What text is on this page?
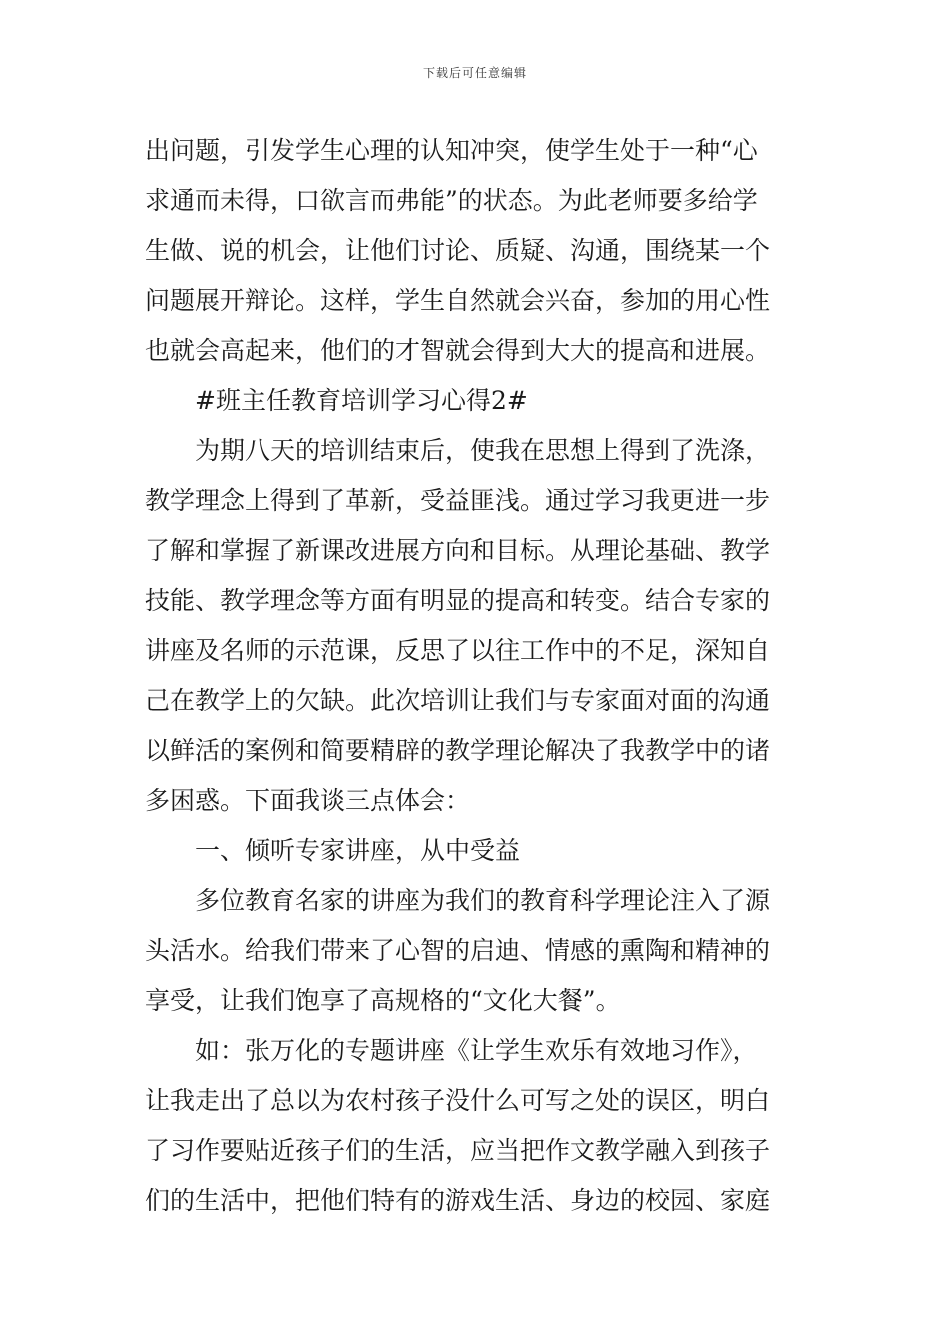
下载后可任意编辑
出问题，引发学生心理的认知冲突，使学生处于一种“心
求通而未得，口欲言而弗能”的状态。为此老师要多给学
生做、说的机会，让他们讨论、质疑、沟通，围绕某一个
问题展开辩论。这样，学生自然就会兴奋，参加的用心性
也就会高起来，他们的才智就会得到大大的提高和进展。
#班主任教育培训学习心得2#
为期八天的培训结束后，使我在思想上得到了洗涤，
教学理念上得到了革新，受益匪浅。通过学习我更进一步
了解和掌握了新课改进展方向和目标。从理论基础、教学
技能、教学理念等方面有明显的提高和转变。结合专家的
讲座及名师的示范课，反思了以往工作中的不足，深知自
己在教学上的欠缺。此次培训让我们与专家面对面的沟通
以鲜活的案例和简要精辟的教学理论解决了我教学中的诸
多困惑。下面我谈三点体会：
一、倾听专家讲座，从中受益
多位教育名家的讲座为我们的教育科学理论注入了源
头活水。给我们带来了心智的启迪、情感的熏陶和精神的
享受，让我们饱享了高规格的“文化大餐”。
如：张万化的专题讲座《让学生欢乐有效地习作》，
让我走出了总以为农村孩子没什么可写之处的误区，明白
了习作要贴近孩子们的生活，应当把作文教学融入到孩子
们的生活中，把他们特有的游戏生活、身边的校园、家庭
